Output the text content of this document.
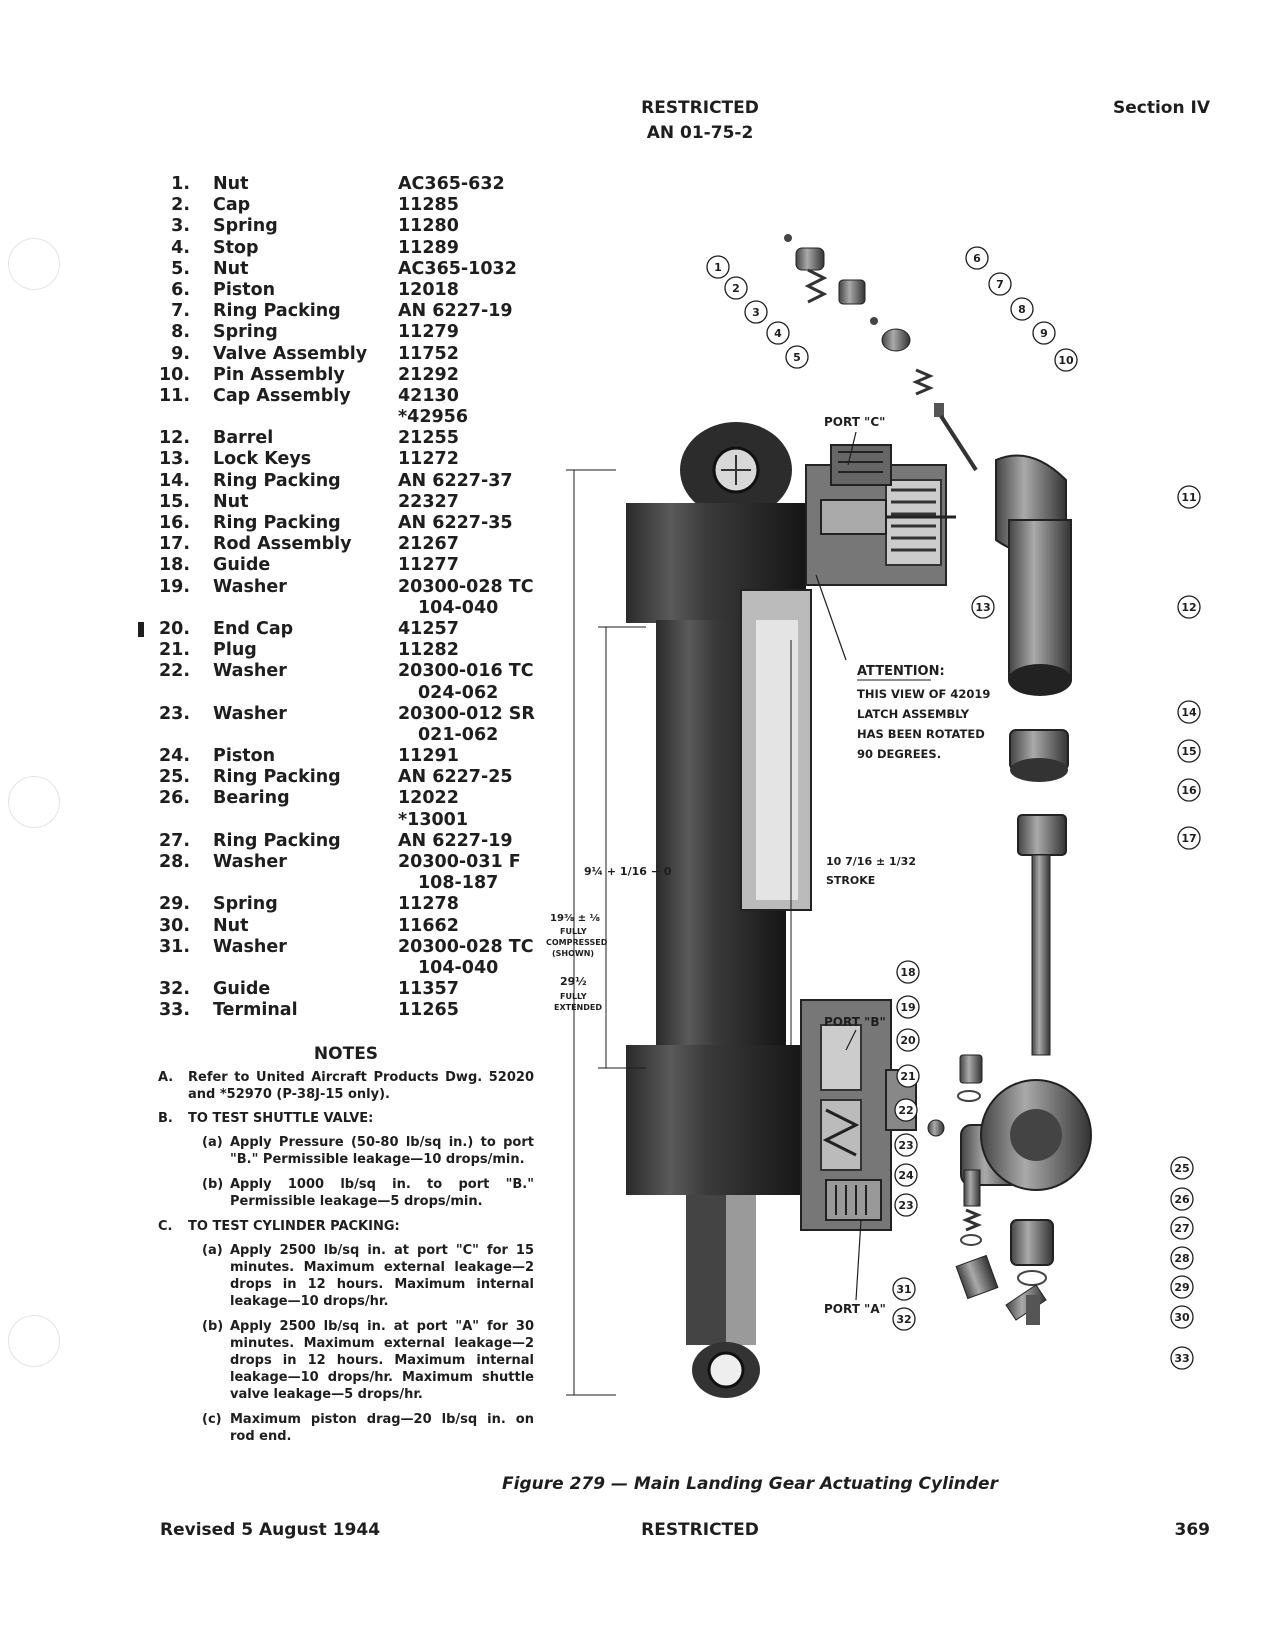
RESTRICTED
AN 01-75-2
Section IV
1. Nut	AC365-632
2. Cap	11285
3. Spring	11280
4. Stop	11289
5. Nut	AC365-1032
6. Piston	12018
7. Ring Packing	AN 6227-19
8. Spring	11279
9. Valve Assembly 11752
10. Pin Assembly	21292
11. Cap Assembly	42130
*42956
12. Barrel	21255
13. Lock Keys	11272
14. Ring Packing	AN 6227-37
15. Nut	22327
16. Ring Packing	AN 6227-35
17. Rod Assembly	21267
18. Guide	11277
19. Washer	20300-028 TC
104-040
20. End Cap	41257
21. Plug	11282
22. Washer	20300-016 TC
024-062
23. Washer	20300-012 SR
021-062
24. Piston	11291
25. Ring Packing	AN 6227-25
26. Bearing	12022
*13001
27. Ring Packing	AN 6227-19
28. Washer	20300-031 F
108-187
29. Spring	11278
30. Nut	11662
31. Washer	20300-028 TC
104-040
32. Guide	11357
33. Terminal	11265
NOTES
A. Refer to United Aircraft Products Dwg. 52020 and *52970 (P-38J-15 only).
B. TO TEST SHUTTLE VALVE:
(a) Apply Pressure (50-80 lb/sq in.) to port "B." Permissible leakage—10 drops/min.
(b) Apply 1000 lb/sq in. to port "B." Permissible leakage—5 drops/min.
C. TO TEST CYLINDER PACKING:
(a) Apply 2500 lb/sq in. at port "C" for 15 minutes. Maximum external leakage—2 drops in 12 hours. Maximum internal leakage—10 drops/hr.
(b) Apply 2500 lb/sq in. at port "A" for 30 minutes. Maximum external leakage—2 drops in 12 hours. Maximum internal leakage—10 drops/hr. Maximum shuttle valve leakage—5 drops/hr.
(c) Maximum piston drag—20 lb/sq in. on rod end.
PORT "C"
PORT "B"
PORT "A"
ATTENTION:
THIS VIEW OF 42019
LATCH ASSEMBLY
HAS BEEN ROTATED
90 DEGREES.
9¼ + 1/16 − 0
10 7/16 ± 1/32
STROKE
19⅜ ± ⅛
FULLY
COMPRESSED
(SHOWN)
29½
FULLY
EXTENDED
1
2
3
4
5
6
7
8
9
10
11
12
13
14
15
16
17
18
19
20
21
22
23
24
23
25
26
27
28
29
30
31
32
33
Figure 279 — Main Landing Gear Actuating Cylinder
Revised 5 August 1944	RESTRICTED	369
